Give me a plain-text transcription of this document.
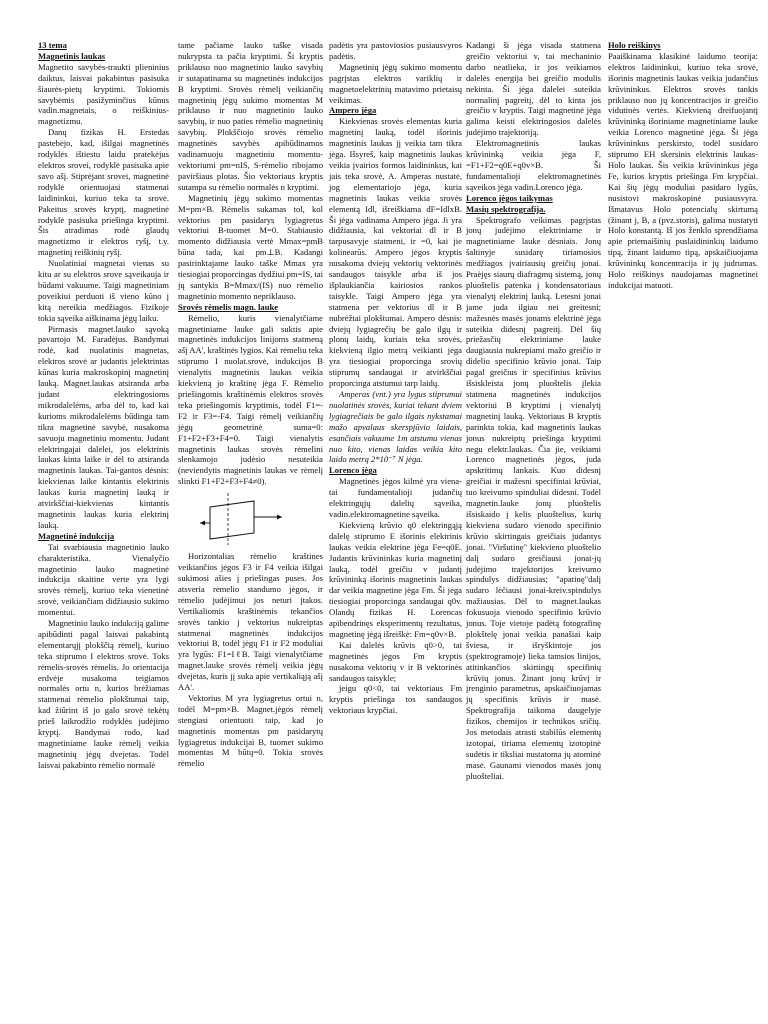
13 tema

Magnetinis laukas

Magnetito savybės-traukti plieninius daiktus, laisvai pakabintus pasisuka šiaurės-pietų kryptimi. Tokiomis savybėmis pasižyminčius kūnus vadin.magnetais, o reiškinius-magnetizmu.

Danų fizikas H. Erstedas pastebėjo, kad, išilgai magnetinės rodyklės ištiestu laidu pratekėjus elektros srovei, rodyklė pasisuka apie savo ašį. Stiprėjant srovei, magnetinė rodyklė orientuojasi statmenai laidininkui, kuriuo teka ta srovė. Pakeitus srovės kryptį, magnetinė rodyklė pasisuka priešinga kryptimi. Šis atradimas rodė glaudų magnetizmo ir elektros ryšį, t.y. magnetinį reiškinių ryšį.

Nuolatiniai magnetai vienas su kitu ar su elektros srove sąveikauja ir būdami vakuume. Taigi magnetiniam poveikiui perduoti iš vieno kūno į kitą nereikia medžiagos. Fizikoje tokia sąveika aiškinama jėgų laiku.

Pirmasis magnet.lauko sąvoką pavartojo M. Faradėjus. Bandymai rodė, kad nuolatinis magnetas, elektros srovė ar judantis jelektrintas kūnas kuria makroskopinį magnetinį lauką. Magnet.laukas atsiranda arba judant elektringosioms mikrodalelėms, arba dėl to, kad kai kurioms mikrodalelėms būdinga tam tikra magnetinė savybė, nusakoma savuoju magnetiniu momentu. Judant elektringajai dalelei, jos elektrinis laukas kinta laike ir dėl to atsiranda magnetinis laukas. Tai-gantos dėsnis: kiekvienas laike kintantis elektrinis laukas kuria magnetinį lauką ir atvirkščiai-kiekvienas kintantis magnetinis laukas kuria elektrinį lauką.

Magnetinė indukcija

Tai svarbiausia magnetinio lauko charakteristika. Vienalyčio magnetinio lauko magnetinė indukcija skaitine verte yra lygi srovės rėmelį, kuriuo teka vienetinė srovė, veikiančiam didžiausio sukimo momentui.

Magnetinio lauko indukciją galime apibūdinti pagal laisvai pakabintą elementarųjį plokščią rėmelį, kuriuo teka stiprumo I elektros srovė. Toks rėmelis-srovės rėmelis. Jo orientacija erdvėje nusakoma teigiamos normalės ortu n, kurios brėžiamas statmenai rėmelio plokštumai taip, kad žiūrint iš jo galo srovė tekėtų prieš laikrodžio rodyklės judėjimo kryptį. Bandymai rodo, kad magnetiniame lauke rėmelį veikia magnetinių jėgų dvejetas. Todėl laisvai pakabinto rėmelio normalė

tame pačiame lauko taške visada nukrypsta ta pačia kryptimi. Ši kryptis priklauso nuo magnetinio lauko savybių ir sutapatinama su magnetinės indukcijos B kryptimi. Srovės rėmelį veikiančių magnetinių jėgų sukimo momentas M priklauso ir nuo magnetinio lauko savybių, ir nuo paties rėmelio magnetinių savybių. Plokščiojo srovės rėmelio magnetinės savybės apibūdinamos vadinamuoju magnetiniu momentu-vektoriumi pm=nIS, S-rėmelio ribojamo paviršiaus plotas. Šio vektoriaus kryptis sutampa su rėmelio normalės n kryptimi.

Magnetinių jėgų sukimo momentas M=pm×B. Rėmelis sukamas tol, kol vektorius pm pasidarys lygiagretus vektoriui B-tuomet M=0. Stabiausio momento didžiausia vertė Mmax=pmB būna tada, kai pm⊥B. Kadangi pasirinktajame lauko taške Mmax yra tiesiogiai proporcingas dydžiui pm=IS, tai jų santykis B=Mmax/(IS) nuo rėmelio magnetinio momento nepriklauso.

Srovės rėmelis magn. lauke

Rėmelio, kuris vienalytčiame magnetiniame lauke gali suktis apie magnetinės indukcijos linijoms statmeną ašį AA', kraštinės lygios. Kai rėmeliu teka stiprumo I nuolat.srovė, indukcijos B vienalytis magnetinis laukas veikia kiekvieną jo kraštinę jėga F. Rėmelio priešingomis kraštinėmis elektros srovės teka priešingomis kryptimis, todėl F1=-F2 ir F3=-F4. Taigi rėmelį veikiančių jėgų geometrinė suma=0: F1+F2+F3+F4=0. Taigi vienalytis magnetinis laukas srovės rėmelini slenkamojo judėsio nesuteikia (neviendytis magnetinis laukas ve rėmelį slinkti F1+F2+F3+F4≠0).

Horizontalias rėmelio kraštines veikiančios jėgos F3 ir F4 veikia išilgai sukimosi ašies į priešingas puses. Jos atsveria rėmelio standumo jėgos, ir rėmelio judėjimui jos neturi įtakos. Vertikaliomis kraštinėmis tekančios srovės tankio j vektorius nukreiptas statmenai magnetinės indukcijos vektoriui B, todėl jėgų F1 ir F2 moduliai yra lygūs: F1=IℓB. Taigi vienalytčiame magnet.lauke srovės rėmelį veikia jėgų dvejetas, kuris jį suka apie vertikaliąją ašį AA'.

Vektorius M yra lygiagretus ortui n, todėl M=pm×B. Magnet.jėgos rėmelį stengiasi orientuoti taip, kad jo magnetinis momentas pm pasidarytų lygiagretus indukcijai B, tuomet sukimo momentas M būtų=0. Tokia srovės rėmelio

padėtis yra pastoviosios pusiausvyros padėtis.

Magnetinių jėgų sukimo momentu pagrįstas elektros variklių ir magnetoelektrinių matavimo prietaisų veikimas.

Ampero jėga

Kiekvienas srovės elementas kuria magnetinį lauką, todėl išorinis magnetinis laukas jį veikia tam tikra jėga. Išsyreš, kaip magnetinis laukas veikia įvairios formos laidininkus, kai jais teka srovė, A. Amperas nustatė, jog elementariojo jėga, kuria magnetinis laukas veikia srovės elementą Idl, išreiškiama dF=IdlxB. Ši jėga vadinama Ampero jėga. Ji yra didžiausia, kai vektoriai dl ir B tarpusavyje statmeni, ir =0, kai jie kolinearūs. Ampero jėgos kryptis nusakoma dviejų vektorių vektorinės sandaugos taisykle arba iš jos išplaukiančia kairiosios rankos taisykle. Taigi Ampero jėga yra statmena per vektorius dl ir B nubrėžtai plokštumai. Ampero dėsnis: dviejų lygiagrečių be galo ilgų ir plonų laidų, kuriais teka srovės, kiekvieną ilgio metrą veikianti jėga yra tiesiogiai proporcinga srovių stiprumų sandaugai ir atvirkščiai proporcinga atstumui tarp laidų.

Amperas (vnt.) yra lygus stiprumui nuolatinės srovės, kuriai tekant dviem lygiagrečiais be galo ilgais nykstamai mažo apvalaus skerspjūvio laidais, esančiais vakuume 1m atstumu vienas nuo kito, vienas laidas veikia kito laido metrą 2*10⁻⁷ N jėga.

Lorenco jėga

Magnetinės jėgos kilmė yra viena-tai fundamentalioji judančių elektringųjų dalelių sąveika, vadin.elektromagnetine sąveika.

Kiekvieną krūvio q0 elektringąją dalelę stiprumo E išorinis elektrinis laukas veikia elektrine jėga Fe=q0E. Judantis krūvininkas kuria magnetinį lauką, todėl greičiu v judantį krūvininką išorinis magnetinis laukas dar veikia magnetine jėga Fm. Ši jėga tiesiogiai proporcinga sandaugai q0v. Olandų fizikas H. Lorencas apibendrinęs eksperimentų rezultatus, magnetinę jėgą išreiškė: Fm=q0v×B.

Kai dalelės krūvis q0>0, tai magnetinės jėgos Fm kryptis nusakoma vektorių v ir B vektorinės sandaugos taisykle;

jeigu q0<0, tai vektoriaus Fm kryptis priešinga tos sandaugos vektoriaus krypčiai.

Kadangi ši jėga visada statmena greičio vektoriui v, tai mechaninio darbo neatlieka, ir jos veikiamos dalelės energija bei greičio modulis nekinta. Ši jėga dalelei suteikia normalinį pagreitį, dėl to kinta jos greičio v kryptis. Taigi magnetinė jėga galima keisti elektringosios dalelės judėjimo trajektoriją.

Elektromagnetinis laukas krūvininką veikia jėga F, =F1+F2=q0E+q0v×B. Ši fundamentalioji elektromagnetinės sąveikos jėga vadin.Lorenco jėga.

Lorenco jėgos taikymas
Masių spektrografija.

Spektrografo veikimas pagrįstas jonų judėjimo elektriniame ir magnetiniame lauke dėsniais. Jonų šaltinyje susidarę tiriamosios medžiagos įvairiausių greičių jonai. Praėjęs siaurų diafragmų sistemą, jonų pluoštelis patenka į kondensatoriaus vienalytį elektrinį lauką. Letesni jonai jame juda ilgiau nei greitesni; mažesnės masės jonams elektrinė jėga suteikia didesnį pagreitį. Dėl šių priežasčių elektriniame lauke daugiausia nukrepiami mažo greičio ir didelio specifinio krūvio jonai. Taip pagal greičius ir specifinius krūvius išsiskleista jonų pluoštelis įlekia statmena magnetinės indukcijos vektoriui B kryptimi į vienalytį magnetinį lauką. Vektoriaus B kryptis parinkta tokia, kad magnetinis laukas jonus nukreiptų priešinga kryptimi negu elektr.laukas. Čia jie, veikiami Lorenco magnetinės jėgos, juda apskritimų lankais. Kuo didesnį greičiai ir mažesni specifiniai krūviai, tuo kreivumo spinduliai didesni. Todėl magnetin.lauke jonų pluoštelis išsiskaido į kelis pluoštelius, kurių kiekviena sudaro vienodo specifinio krūvio skirtingais greičiais judantys jonai. "Viršutinę" kiekvieno pluoštelio dalį sudaro greičiausi jonai-jų judėjimo trajektorijos kreivumo spindulys didžiausias; "apatinę"dalį sudaro lėčiausi jonai-kreiv.spindulys mažiausias. Dėl to magnet.laukas fokusuoja vienodo specifinio krūvio jonus. Toje vietoje padėtą fotografinę plokštelę jonai veikia panašiai kaip šviesa, ir išryškintoje jos (spektrogramoje) lieka tamsios linijos, atitinkančios skirtingų specifinių krūvių jonus. Žinant jonų krūvį ir įrenginio parametrus, apskaičiuojamas jų specifinis krūvis ir masė. Spektrografija taikoma daugelyje fizikos, chemijos ir technikos sričių. Jos metodais atrasti stabilūs elementų izotopai, tiriama elementų izotopinė sudėtis ir tiksliai nustatoma jų atominė masė. Gaunami vienodos masės jonų pluošteliai.

Holo reiškinys

Paaiškinama klasikinė laidumo teorija: elektros laidininkui, kuriuo teka srovė, išorinis magnetinis laukas veikia judančius krūvininkus. Elektros srovės tankis priklauso nuo jų koncentracijos ir greičio vidutinės vertės. Kiekvieną dreifuojantį krūvininką išoriniame magnetiniame lauke veikia Lorenco magnetinė jėga. Ši jėga krūvininkus perskirsto, todėl susidaro stiprumo EH skersinis elektrinis laukas-Holo laukas. Šis veikia krūvininkus jėga Fe, kurios kryptis priešinga Fm krypčiai. Kai šių jėgų moduliai pasidaro lygūs, nusistovi makroskopinė pusiausvyra. Išmatavus Holo potencialų skirtumą (žinant j, B, a (pvz.storis), galima nustatyti Holo konstantą. Iš jos ženklo sprendžiama apie priemaišinių puslaidininkių laidumo tipą, žinant laidumo tipą, apskaičiuojama krūvininkų koncentracija ir jų judrumas. Holo reiškinys naudojamas magnetinei indukcijai matuoti.
